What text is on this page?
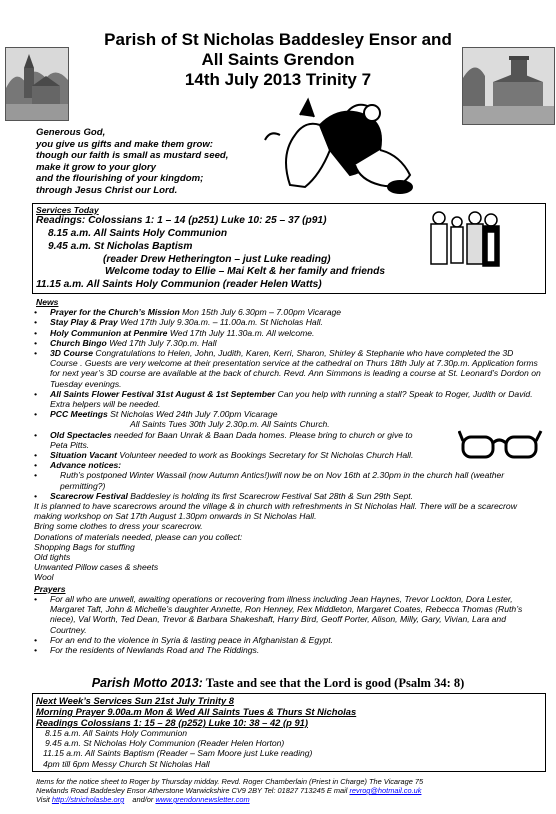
Parish of St Nicholas Baddesley Ensor and
All Saints Grendon
14th July 2013 Trinity 7
Generous God,
you give us gifts and make them grow:
though our faith is small as mustard seed,
make it grow to your glory
and the flourishing of your kingdom;
through Jesus Christ our Lord.
Services Today
Readings: Colossians 1: 1 – 14 (p251) Luke 10: 25 – 37 (p91)
8.15 a.m. All Saints Holy Communion
9.45 a.m. St Nicholas Baptism
(reader Drew Hetherington – just Luke reading)
Welcome today to Ellie – Mai Kelt & her family and friends
11.15 a.m. All Saints Holy Communion (reader Helen Watts)
News
• Prayer for the Church’s Mission Mon 15th July 6.30pm – 7.00pm Vicarage
• Stay Play & Pray Wed 17th July 9.30a.m. – 11.00a.m. St Nicholas Hall.
• Holy Communion at Penmire Wed 17th July 11.30a.m. All welcome.
• Church Bingo Wed 17th July 7.30p.m. Hall
• 3D Course Congratulations to Helen, John, Judith, Karen, Kerri, Sharon, Shirley & Stephanie who have completed the 3D Course . Guests are very welcome at their presentation service at the cathedral on Thurs 18th July at 7.30p.m. Application forms for next year’s 3D course are available at the back of church. Revd. Ann Simmons is leading a course at St. Leonard’s Dordon on Tuesday evenings.
• All Saints Flower Festival 31st August & 1st September Can you help with running a stall? Speak to Roger, Judith or David. Extra helpers will be needed.
• PCC Meetings St Nicholas Wed 24th July 7.00pm Vicarage
All Saints Tues 30th July 2.30p.m. All Saints Church.
• Old Spectacles needed for Baan Unrak & Baan Dada homes. Please bring to church or give to Peta Pitts.
• Situation Vacant Volunteer needed to work as Bookings Secretary for St Nicholas Church Hall.
• Advance notices:
• Ruth’s postponed Winter Wassail (now Autumn Antics!)will now be on Nov 16th at 2.30pm in the church hall (weather permitting?)
• Scarecrow Festival Baddesley is holding its first Scarecrow Festival Sat 28th & Sun 29th Sept.
It is planned to have scarecrows around the village & in church with refreshments in St Nicholas Hall. There will be a scarecrow making workshop on Sat 17th August 1.30pm onwards in St Nicholas Hall.
Bring some clothes to dress your scarecrow.
Donations of materials needed, please can you collect:
Shopping Bags for stuffing
Old tights
Unwanted Pillow cases & sheets
Wool
Prayers
• For all who are unwell, awaiting operations or recovering from illness including Jean Haynes, Trevor Lockton, Dora Lester, Margaret Taft, John & Michelle’s daughter Annette, Ron Henney, Rex Middleton, Margaret Coates, Rebecca Thomas (Ruth’s niece), Val Worth, Ted Dean, Trevor & Barbara Shakeshaft, Harry Bird, Geoff Porter, Alison, Milly, Gary, Vivian, Lara and Courtney.
• For an end to the violence in Syria & lasting peace in Afghanistan & Egypt.
• For the residents of Newlands Road and The Riddings.
Parish Motto 2013: Taste and see that the Lord is good (Psalm 34: 8)
Next Week’s Services Sun 21st July Trinity 8
Morning Prayer 9.00a.m Mon & Wed All Saints Tues & Thurs St Nicholas
Readings Colossians 1: 15 – 28 (p252) Luke 10: 38 – 42 (p 91)
8.15 a.m. All Saints Holy Communion
9.45 a.m. St Nicholas Holy Communion (Reader Helen Horton)
11.15 a.m. All Saints Baptism (Reader – Sam Moore just Luke reading)
4pm till 6pm Messy Church St Nicholas Hall
Items for the notice sheet to Roger by Thursday midday. Revd. Roger Chamberlain (Priest in Charge) The Vicarage 75
Newlands Road Baddesley Ensor Atherstone Warwickshire CV9 2BY Tel: 01827 713245 E mail revrog@hotmail.co.uk
Visit http://stnicholasbe.org    and/or www.grendonnewsletter.com
